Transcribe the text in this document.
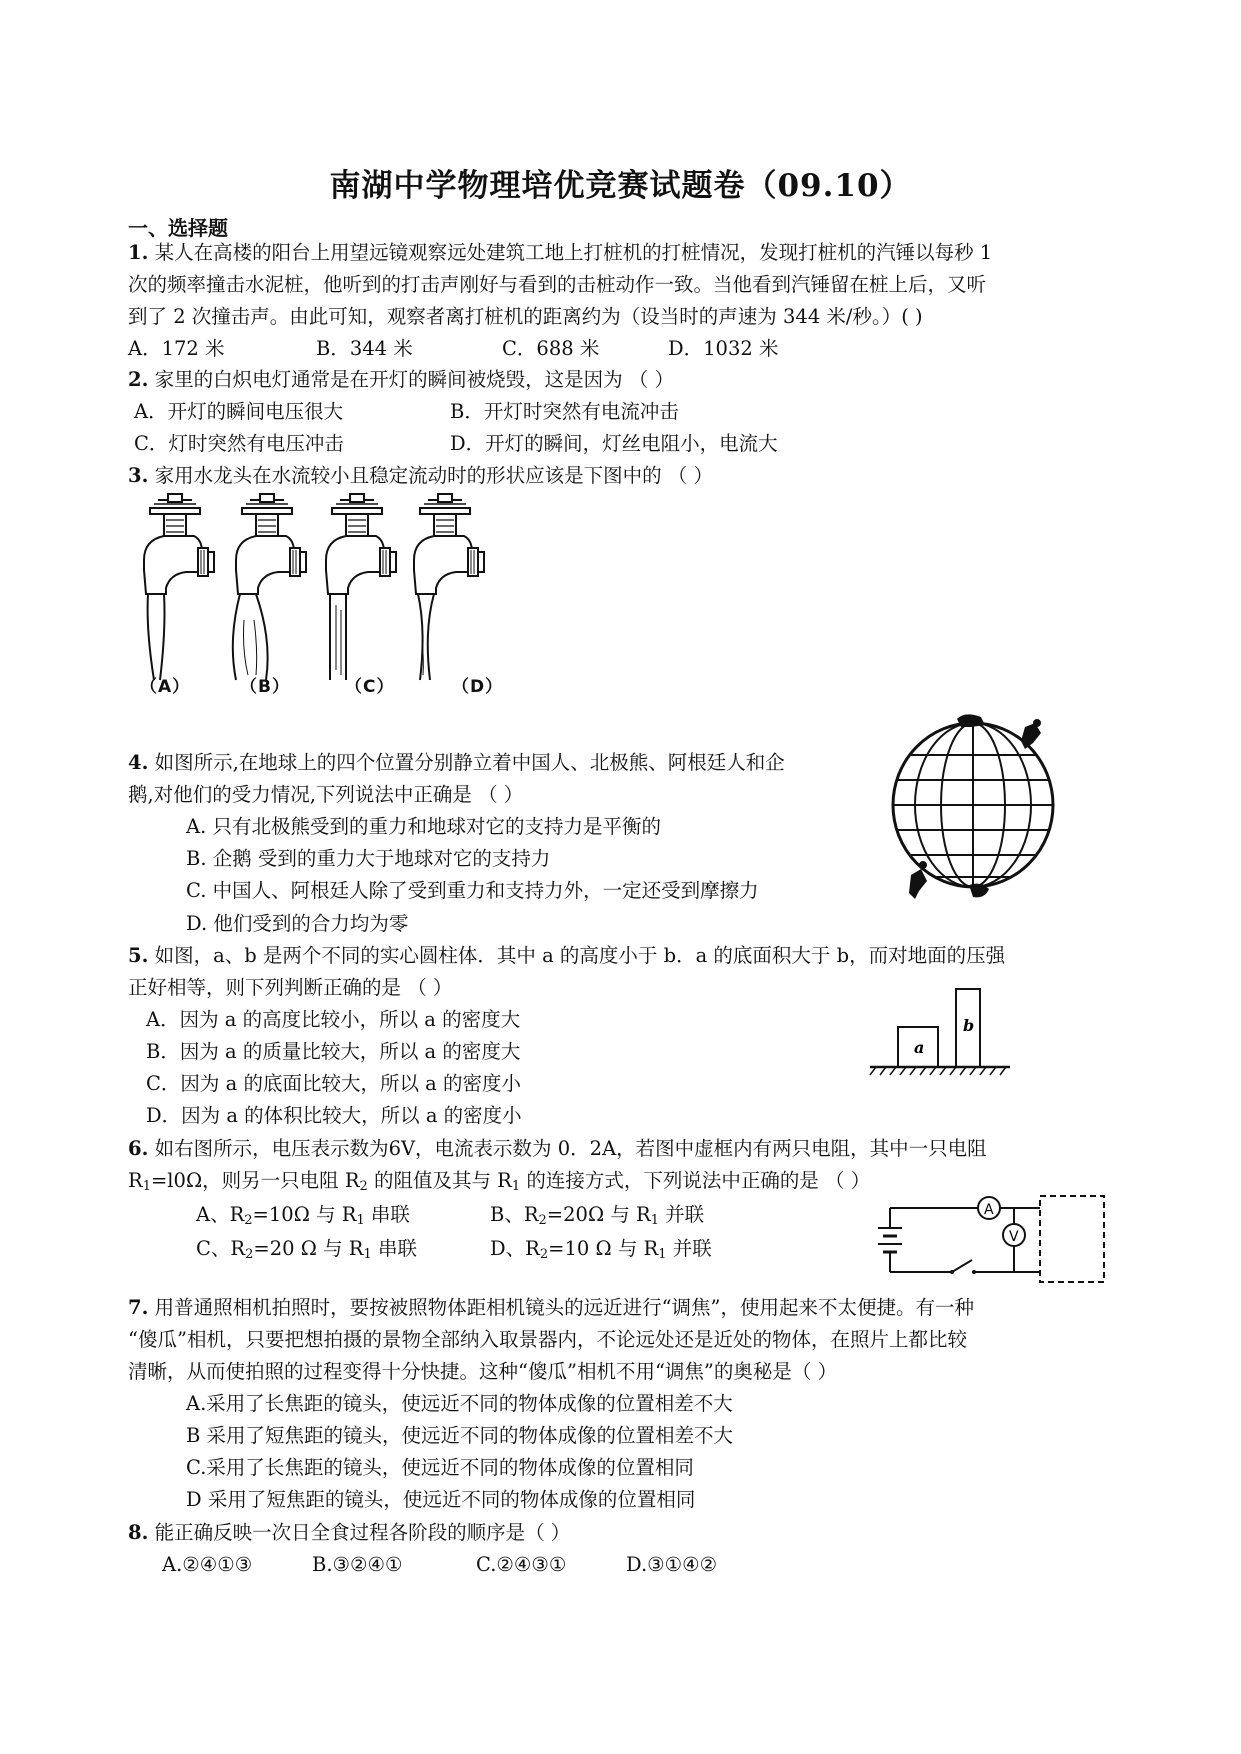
南湖中学物理培优竞赛试题卷（09.10）
一、选择题
1. 某人在高楼的阳台上用望远镜观察远处建筑工地上打桩机的打桩情况，发现打桩机的汽锤以每秒 1
次的频率撞击水泥桩，他听到的打击声刚好与看到的击桩动作一致。当他看到汽锤留在桩上后，又听
到了 2 次撞击声。由此可知，观察者离打桩机的距离约为（设当时的声速为 344 米/秒。）( )
A．172 米	B．344 米	C．688 米	D．1032 米
2. 家里的白炽电灯通常是在开灯的瞬间被烧毁，这是因为 （ ）
A．开灯的瞬间电压很大	B．开灯时突然有电流冲击
C．灯时突然有电压冲击	D．开灯的瞬间，灯丝电阻小，电流大
3. 家用水龙头在水流较小且稳定流动时的形状应该是下图中的 （ ）
（A）	（B）	（C）	（D）
4. 如图所示,在地球上的四个位置分别静立着中国人、北极熊、阿根廷人和企
鹅,对他们的受力情况,下列说法中正确是 （ ）
A. 只有北极熊受到的重力和地球对它的支持力是平衡的
B. 企鹅 受到的重力大于地球对它的支持力
C. 中国人、阿根廷人除了受到重力和支持力外，一定还受到摩擦力
D. 他们受到的合力均为零
5. 如图，a、b 是两个不同的实心圆柱体．其中 a 的高度小于 b．a 的底面积大于 b，而对地面的压强
正好相等，则下列判断正确的是 （ ）
A．因为 a 的高度比较小，所以 a 的密度大
B．因为 a 的质量比较大，所以 a 的密度大
C．因为 a 的底面比较大，所以 a 的密度小
D．因为 a 的体积比较大，所以 a 的密度小
a
b
6. 如右图所示，电压表示数为6V，电流表示数为 0．2A，若图中虚框内有两只电阻，其中一只电阻
$R_1=l0\Omega$，则另一只电阻 $R_2$ 的阻值及其与 $R_1$ 的连接方式，下列说法中正确的是 （ ）
A、$R_2=10\Omega$ 与 $R_1$ 串联	B、$R_2=20\Omega$ 与 $R_1$ 并联
C、$R_2=20$ Ω 与 $R_1$ 串联	D、$R_2=10$ Ω 与 $R_1$ 并联
A
V
7. 用普通照相机拍照时，要按被照物体距相机镜头的远近进行“调焦”，使用起来不太便捷。有一种
“傻瓜”相机，只要把想拍摄的景物全部纳入取景器内，不论远处还是近处的物体，在照片上都比较
清晰，从而使拍照的过程变得十分快捷。这种“傻瓜”相机不用“调焦”的奥秘是（ ）
A.采用了长焦距的镜头，使远近不同的物体成像的位置相差不大
B 采用了短焦距的镜头，使远近不同的物体成像的位置相差不大
C.采用了长焦距的镜头，使远近不同的物体成像的位置相同
D 采用了短焦距的镜头，使远近不同的物体成像的位置相同
8. 能正确反映一次日全食过程各阶段的顺序是（ ）
A.②④①③	B.③②④①	C.②④③①	D.③①④②
